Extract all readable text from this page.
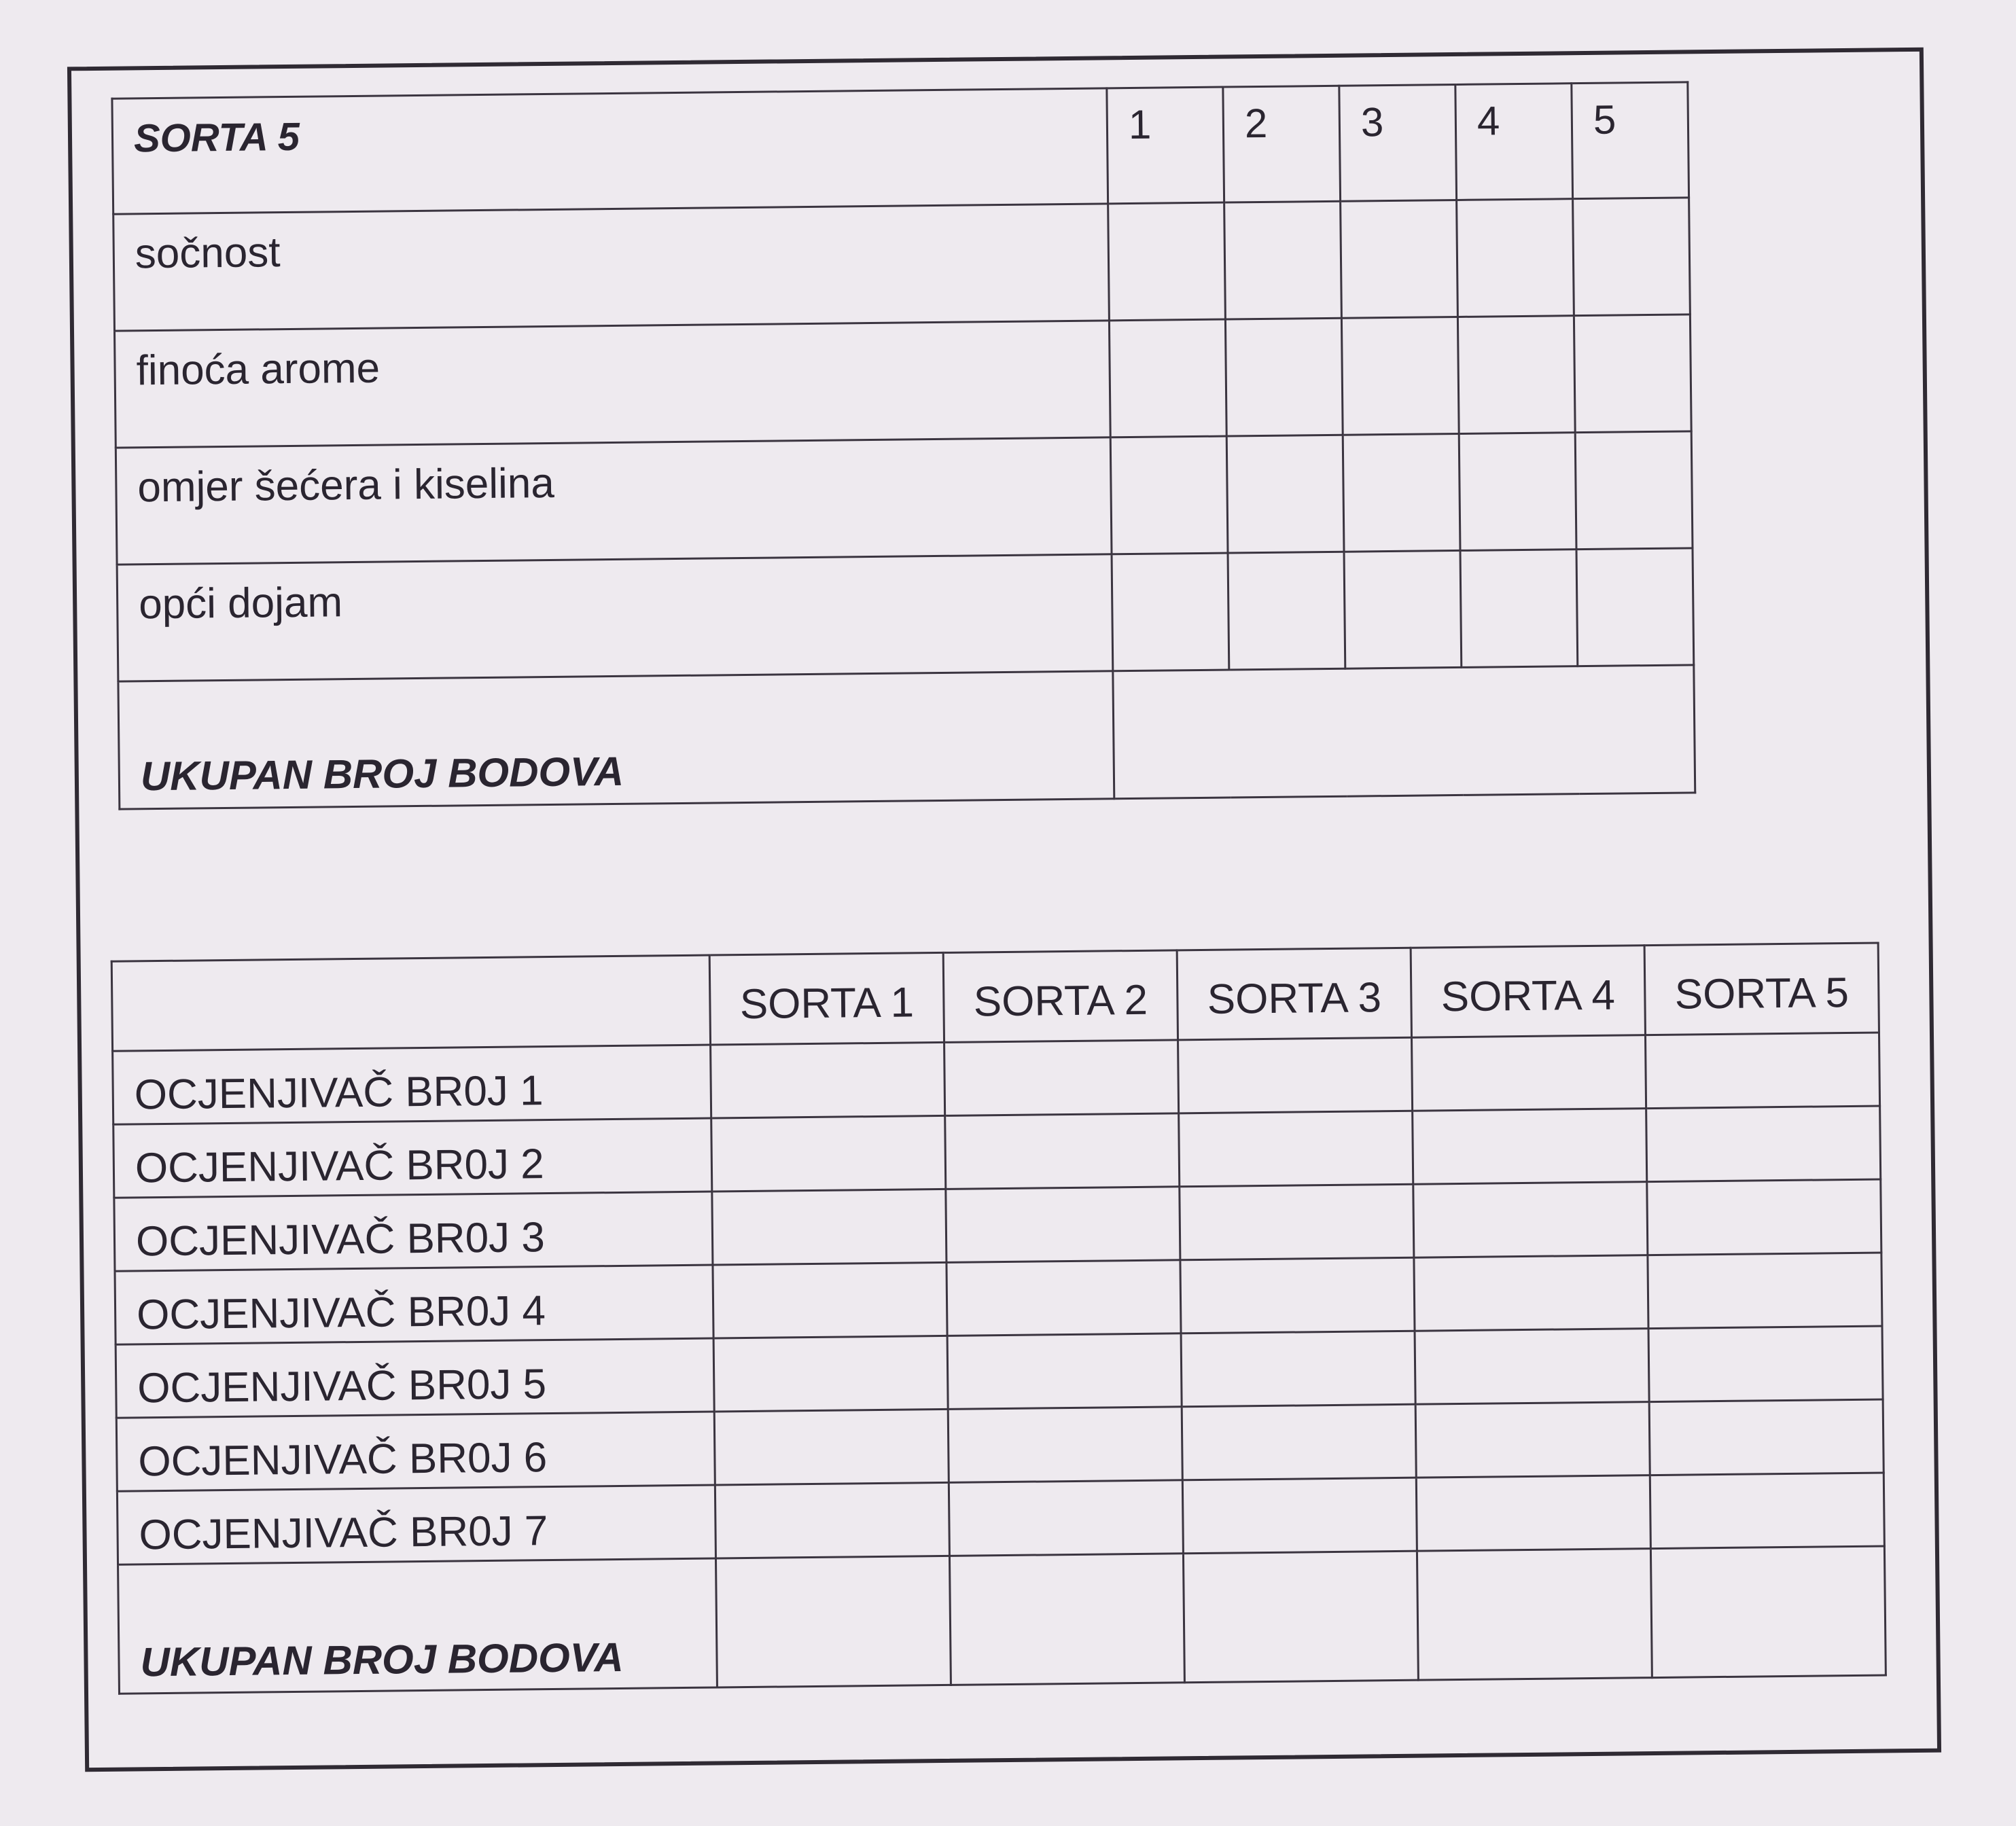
SORTA 5	1	2	3	4	5
sočnost					
finoća arome					
omjer šećera i kiselina					
opći dojam					
UKUPAN BROJ BODOVA					
	SORTA 1	SORTA 2	SORTA 3	SORTA 4	SORTA 5
OCJENJIVAČ BR0J 1					
OCJENJIVAČ BR0J 2					
OCJENJIVAČ BR0J 3					
OCJENJIVAČ BR0J 4					
OCJENJIVAČ BR0J 5					
OCJENJIVAČ BR0J 6					
OCJENJIVAČ BR0J 7					
UKUPAN BROJ BODOVA					
